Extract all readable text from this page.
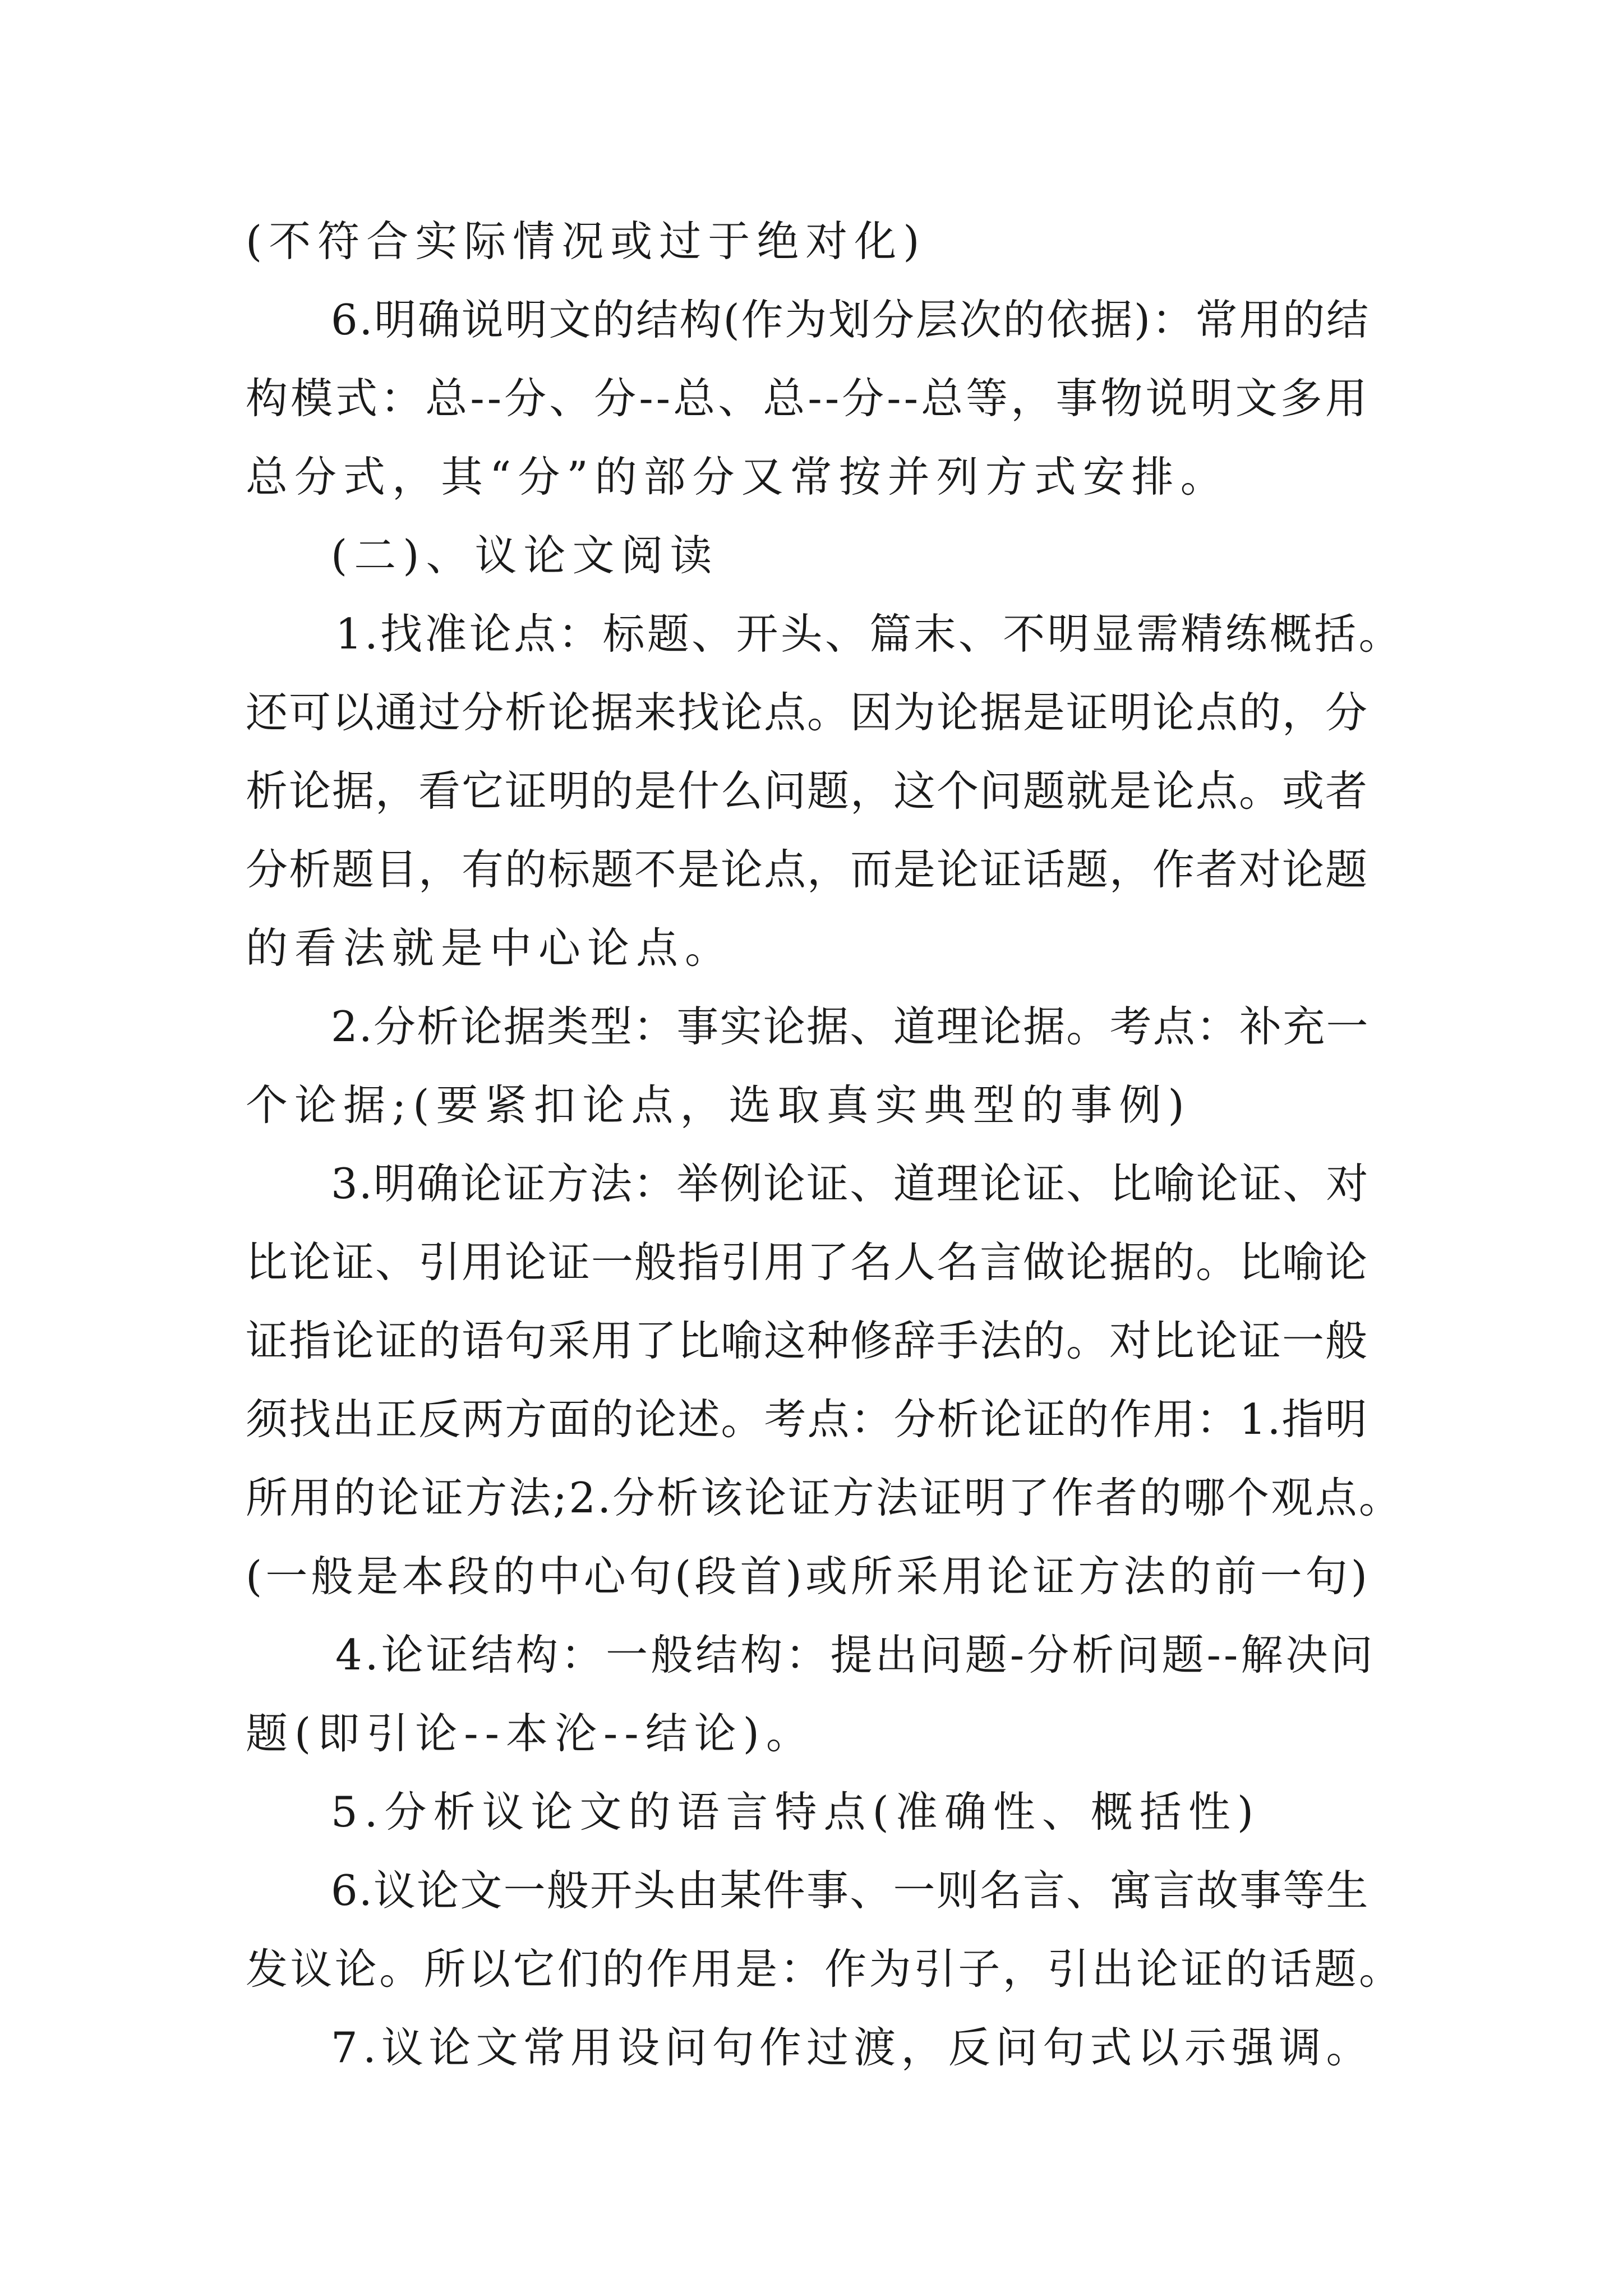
(不符合实际情况或过于绝对化)
6.明确说明文的结构(作为划分层次的依据)：常用的结
构模式：总--分、分--总、总--分--总等，事物说明文多用
总分式，其“分”的部分又常按并列方式安排。
(二)、议论文阅读
1.找准论点：标题、开头、篇末、不明显需精练概括。
还可以通过分析论据来找论点。因为论据是证明论点的，分
析论据，看它证明的是什么问题，这个问题就是论点。或者
分析题目，有的标题不是论点，而是论证话题，作者对论题
的看法就是中心论点。
2.分析论据类型：事实论据、道理论据。考点：补充一
个论据;(要紧扣论点，选取真实典型的事例)
3.明确论证方法：举例论证、道理论证、比喻论证、对
比论证、引用论证一般指引用了名人名言做论据的。比喻论
证指论证的语句采用了比喻这种修辞手法的。对比论证一般
须找出正反两方面的论述。考点：分析论证的作用：1.指明
所用的论证方法;2.分析该论证方法证明了作者的哪个观点。
(一般是本段的中心句(段首)或所采用论证方法的前一句)
4.论证结构：一般结构：提出问题-分析问题--解决问
题(即引论--本沦--结论)。
5.分析议论文的语言特点(准确性、概括性)
6.议论文一般开头由某件事、一则名言、寓言故事等生
发议论。所以它们的作用是：作为引子，引出论证的话题。
7.议论文常用设问句作过渡，反问句式以示强调。
